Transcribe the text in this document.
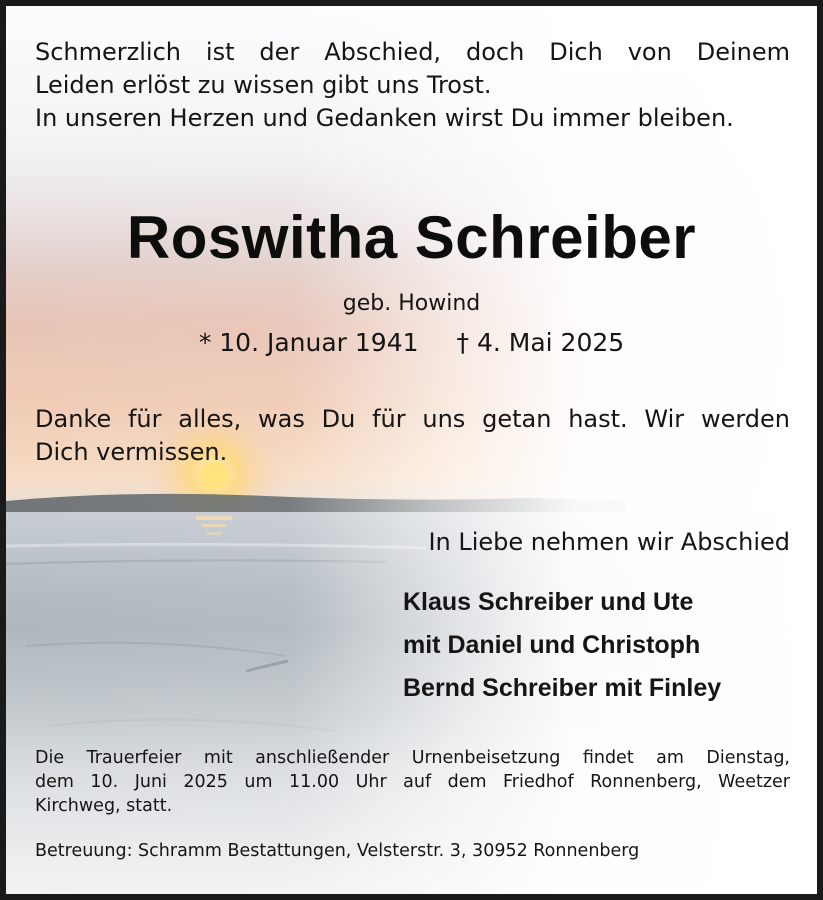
Schmerzlich ist der Abschied, doch Dich von Deinem
Leiden erlöst zu wissen gibt uns Trost.
In unseren Herzen und Gedanken wirst Du immer bleiben.
Roswitha Schreiber
geb. Howind
* 10. Januar 1941 † 4. Mai 2025
Danke für alles, was Du für uns getan hast. Wir werden
Dich vermissen.
In Liebe nehmen wir Abschied
Klaus Schreiber und Ute
mit Daniel und Christoph
Bernd Schreiber mit Finley
Die Trauerfeier mit anschließender Urnenbeisetzung findet am Dienstag,
dem 10. Juni 2025 um 11.00 Uhr auf dem Friedhof Ronnenberg, Weetzer
Kirchweg, statt.
Betreuung: Schramm Bestattungen, Velsterstr. 3, 30952 Ronnenberg
